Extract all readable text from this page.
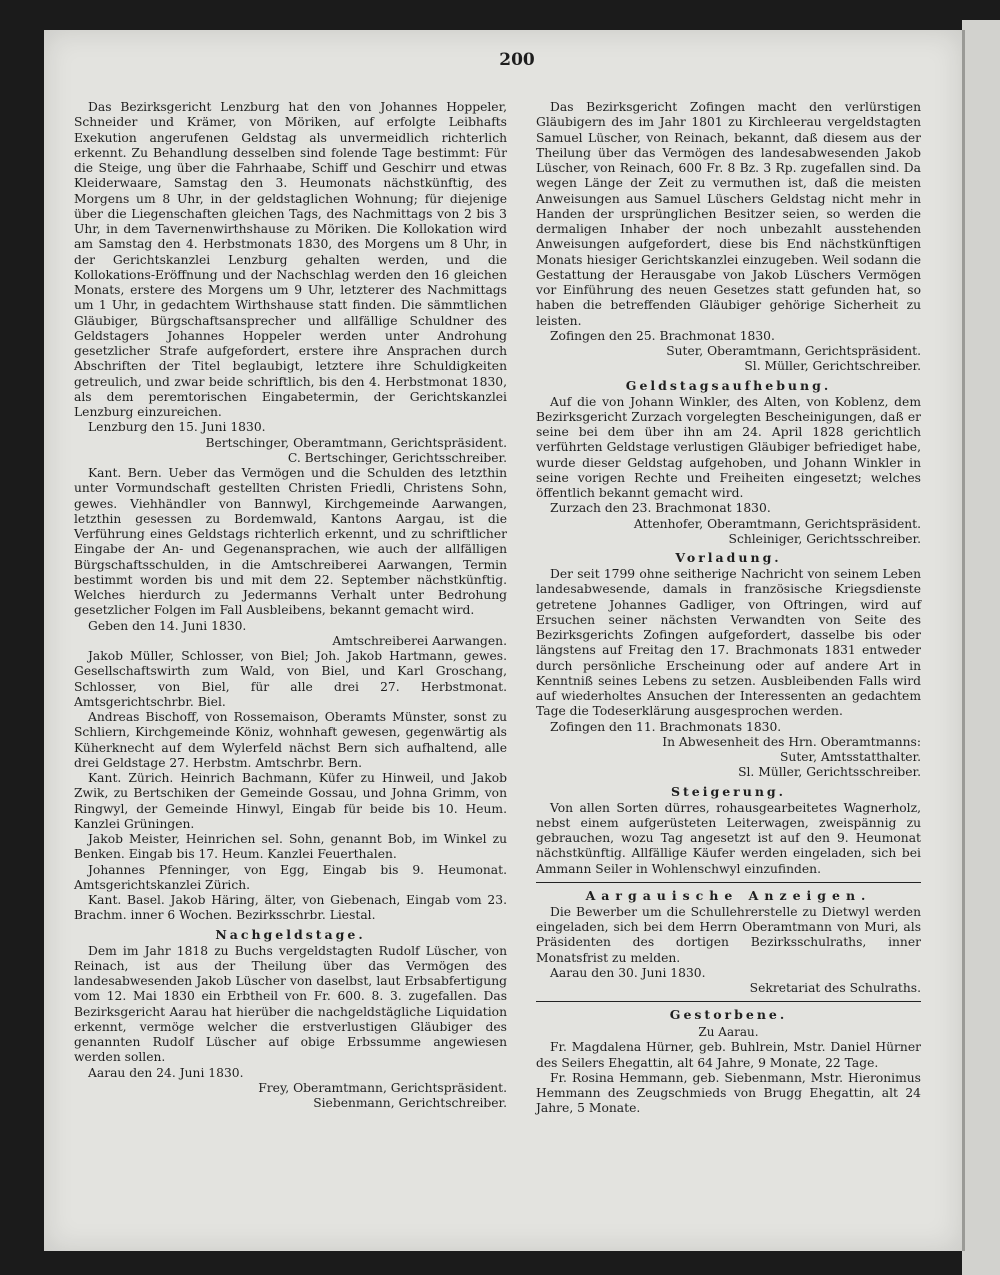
200

Das Bezirksgericht Lenzburg hat den von Johannes Hoppeler, Schneider und Krämer, von Möriken, auf erfolgte Leibhafts Exekution angerufenen Geldstag als unvermeidlich richterlich erkennt. Zu Behandlung desselben sind folende Tage bestimmt: Für die Steige, ung über die Fahrhaabe, Schiff und Geschirr und etwas Kleiderwaare, Samstag den 3. Heumonats nächstkünftig, des Morgens um 8 Uhr, in der geldstaglichen Wohnung; für diejenige über die Liegenschaften gleichen Tags, des Nachmittags von 2 bis 3 Uhr, in dem Tavernenwirthshause zu Möriken. Die Kollokation wird am Samstag den 4. Herbstmonats 1830, des Morgens um 8 Uhr, in der Gerichtskanzlei Lenzburg gehalten werden, und die Kollokations-Eröffnung und der Nachschlag werden den 16 gleichen Monats, erstere des Morgens um 9 Uhr, letzterer des Nachmittags um 1 Uhr, in gedachtem Wirthshause statt finden. Die sämmtlichen Gläubiger, Bürgschaftsansprecher und allfällige Schuldner des Geldstagers Johannes Hoppeler werden unter Androhung gesetzlicher Strafe aufgefordert, erstere ihre Ansprachen durch Abschriften der Titel beglaubigt, letztere ihre Schuldigkeiten getreulich, und zwar beide schriftlich, bis den 4. Herbstmonat 1830, als dem peremtorischen Eingabetermin, der Gerichtskanzlei Lenzburg einzureichen.

Lenzburg den 15. Juni 1830.

Bertschinger, Oberamtmann, Gerichtspräsident.

C. Bertschinger, Gerichtsschreiber.

Kant. Bern. Ueber das Vermögen und die Schulden des letzthin unter Vormundschaft gestellten Christen Friedli, Christens Sohn, gewes. Viehhändler von Bannwyl, Kirchgemeinde Aarwangen, letzthin gesessen zu Bordemwald, Kantons Aargau, ist die Verführung eines Geldstags richterlich erkennt, und zu schriftlicher Eingabe der An- und Gegenansprachen, wie auch der allfälligen Bürgschaftsschulden, in die Amtschreiberei Aarwangen, Termin bestimmt worden bis und mit dem 22. September nächstkünftig. Welches hierdurch zu Jedermanns Verhalt unter Bedrohung gesetzlicher Folgen im Fall Ausbleibens, bekannt gemacht wird.

Geben den 14. Juni 1830.

Amtschreiberei Aarwangen.

Jakob Müller, Schlosser, von Biel; Joh. Jakob Hartmann, gewes. Gesellschaftswirth zum Wald, von Biel, und Karl Groschang, Schlosser, von Biel, für alle drei 27. Herbstmonat. Amtsgerichtschrbr. Biel.

Andreas Bischoff, von Rossemaison, Oberamts Münster, sonst zu Schliern, Kirchgemeinde Köniz, wohnhaft gewesen, gegenwärtig als Küherknecht auf dem Wylerfeld nächst Bern sich aufhaltend, alle drei Geldstage 27. Herbstm. Amtschrbr. Bern.

Kant. Zürich. Heinrich Bachmann, Küfer zu Hinweil, und Jakob Zwik, zu Bertschiken der Gemeinde Gossau, und Johna Grimm, von Ringwyl, der Gemeinde Hinwyl, Eingab für beide bis 10. Heum. Kanzlei Grüningen.

Jakob Meister, Heinrichen sel. Sohn, genannt Bob, im Winkel zu Benken. Eingab bis 17. Heum. Kanzlei Feuerthalen.

Johannes Pfenninger, von Egg, Eingab bis 9. Heumonat. Amtsgerichtskanzlei Zürich.

Kant. Basel. Jakob Häring, älter, von Giebenach, Eingab vom 23. Brachm. inner 6 Wochen. Bezirksschrbr. Liestal.

Nachgeldstage.

Dem im Jahr 1818 zu Buchs vergeldstagten Rudolf Lüscher, von Reinach, ist aus der Theilung über das Vermögen des landesabwesenden Jakob Lüscher von daselbst, laut Erbsabfertigung vom 12. Mai 1830 ein Erbtheil von Fr. 600. 8. 3. zugefallen. Das Bezirksgericht Aarau hat hierüber die nachgeldstägliche Liquidation erkennt, vermöge welcher die erstverlustigen Gläubiger des genannten Rudolf Lüscher auf obige Erbssumme angewiesen werden sollen.

Aarau den 24. Juni 1830.

Frey, Oberamtmann, Gerichtspräsident.

Siebenmann, Gerichtschreiber.

Das Bezirksgericht Zofingen macht den verlürstigen Gläubigern des im Jahr 1801 zu Kirchleerau vergeldstagten Samuel Lüscher, von Reinach, bekannt, daß diesem aus der Theilung über das Vermögen des landesabwesenden Jakob Lüscher, von Reinach, 600 Fr. 8 Bz. 3 Rp. zugefallen sind. Da wegen Länge der Zeit zu vermuthen ist, daß die meisten Anweisungen aus Samuel Lüschers Geldstag nicht mehr in Handen der ursprünglichen Besitzer seien, so werden die dermaligen Inhaber der noch unbezahlt ausstehenden Anweisungen aufgefordert, diese bis End nächstkünftigen Monats hiesiger Gerichtskanzlei einzugeben. Weil sodann die Gestattung der Herausgabe von Jakob Lüschers Vermögen vor Einführung des neuen Gesetzes statt gefunden hat, so haben die betreffenden Gläubiger gehörige Sicherheit zu leisten.

Zofingen den 25. Brachmonat 1830.

Suter, Oberamtmann, Gerichtspräsident.

Sl. Müller, Gerichtschreiber.

Geldstagsaufhebung.

Auf die von Johann Winkler, des Alten, von Koblenz, dem Bezirksgericht Zurzach vorgelegten Bescheinigungen, daß er seine bei dem über ihn am 24. April 1828 gerichtlich verführten Geldstage verlustigen Gläubiger befriediget habe, wurde dieser Geldstag aufgehoben, und Johann Winkler in seine vorigen Rechte und Freiheiten eingesetzt; welches öffentlich bekannt gemacht wird.

Zurzach den 23. Brachmonat 1830.

Attenhofer, Oberamtmann, Gerichtspräsident.

Schleiniger, Gerichtsschreiber.

Vorladung.

Der seit 1799 ohne seitherige Nachricht von seinem Leben landesabwesende, damals in französische Kriegsdienste getretene Johannes Gadliger, von Oftringen, wird auf Ersuchen seiner nächsten Verwandten von Seite des Bezirksgerichts Zofingen aufgefordert, dasselbe bis oder längstens auf Freitag den 17. Brachmonats 1831 entweder durch persönliche Erscheinung oder auf andere Art in Kenntniß seines Lebens zu setzen. Ausbleibenden Falls wird auf wiederholtes Ansuchen der Interessenten an gedachtem Tage die Todeserklärung ausgesprochen werden.

Zofingen den 11. Brachmonats 1830.

In Abwesenheit des Hrn. Oberamtmanns:

Suter, Amtsstatthalter.

Sl. Müller, Gerichtsschreiber.

Steigerung.

Von allen Sorten dürres, rohausgearbeitetes Wagnerholz, nebst einem aufgerüsteten Leiterwagen, zweispännig zu gebrauchen, wozu Tag angesetzt ist auf den 9. Heumonat nächstkünftig. Allfällige Käufer werden eingeladen, sich bei Ammann Seiler in Wohlenschwyl einzufinden.

Aargauische Anzeigen.

Die Bewerber um die Schullehrerstelle zu Dietwyl werden eingeladen, sich bei dem Herrn Oberamtmann von Muri, als Präsidenten des dortigen Bezirksschulraths, inner Monatsfrist zu melden.

Aarau den 30. Juni 1830.

Sekretariat des Schulraths.

Gestorbene.

Zu Aarau.

Fr. Magdalena Hürner, geb. Buhlrein, Mstr. Daniel Hürner des Seilers Ehegattin, alt 64 Jahre, 9 Monate, 22 Tage.

Fr. Rosina Hemmann, geb. Siebenmann, Mstr. Hieronimus Hemmann des Zeugschmieds von Brugg Ehegattin, alt 24 Jahre, 5 Monate.
